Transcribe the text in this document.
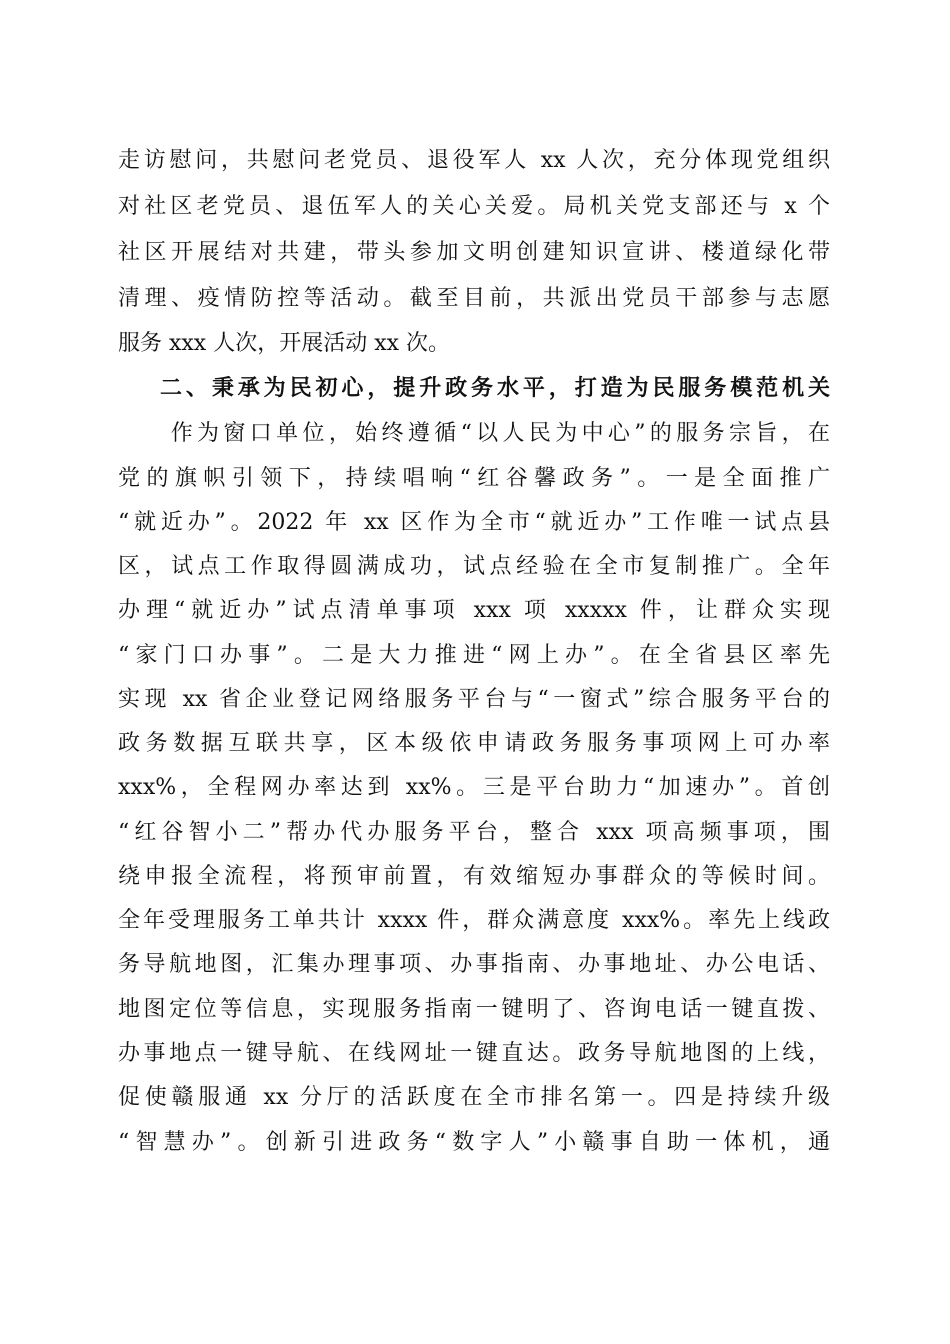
走访慰问，共慰问老党员、退役军人 xx 人次，充分体现党组织
对社区老党员、退伍军人的关心关爱。局机关党支部还与 x 个
社区开展结对共建，带头参加文明创建知识宣讲、楼道绿化带
清理、疫情防控等活动。截至目前，共派出党员干部参与志愿
服务 xxx 人次，开展活动 xx 次。
二、秉承为民初心，提升政务水平，打造为民服务模范机关
　　作为窗口单位，始终遵循“以人民为中心”的服务宗旨，在
党的旗帜引领下，持续唱响“红谷馨政务”。一是全面推广
“就近办”。2022 年 xx 区作为全市“就近办”工作唯一试点县
区，试点工作取得圆满成功，试点经验在全市复制推广。全年
办理“就近办”试点清单事项 xxx 项 xxxxx 件，让群众实现
“家门口办事”。二是大力推进“网上办”。在全省县区率先
实现 xx 省企业登记网络服务平台与“一窗式”综合服务平台的
政务数据互联共享，区本级依申请政务服务事项网上可办率
xxx%，全程网办率达到 xx%。三是平台助力“加速办”。首创
“红谷智小二”帮办代办服务平台，整合 xxx 项高频事项，围
绕申报全流程，将预审前置，有效缩短办事群众的等候时间。
全年受理服务工单共计 xxxx 件，群众满意度 xxx%。率先上线政
务导航地图，汇集办理事项、办事指南、办事地址、办公电话、
地图定位等信息，实现服务指南一键明了、咨询电话一键直拨、
办事地点一键导航、在线网址一键直达。政务导航地图的上线，
促使赣服通 xx 分厅的活跃度在全市排名第一。四是持续升级
“智慧办”。创新引进政务“数字人”小赣事自助一体机，通
